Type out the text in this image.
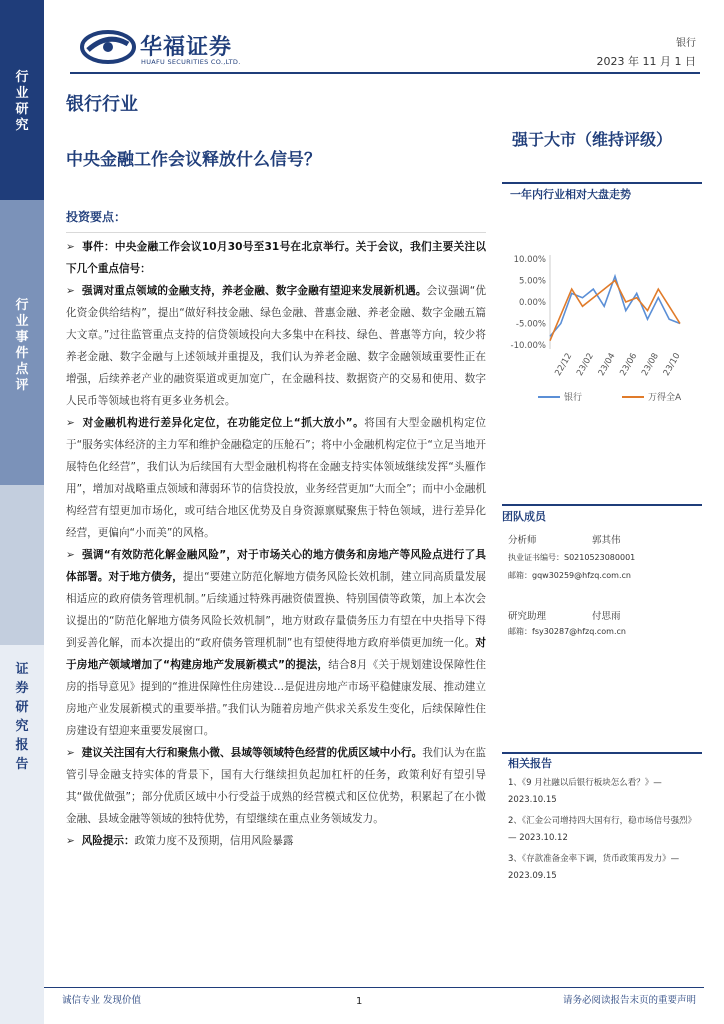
行
业
研
究
行
业
事
件
点
评
证
券
研
究
报
告
华福证券
HUAFU SECURITIES CO.,LTD.
银行
2023 年 11 月 1 日
银行行业
中央金融工作会议释放什么信号？
强于大市（维持评级）
一年内行业相对大盘走势
10.00%
5.00%
0.00%
-5.00%
-10.00%
22/12 23/02 23/04 23/06 23/08 23/10
银行	万得全A
投资要点：

➢  事件：中央金融工作会议10月30号至31号在北京举行。关于会议，我们主要关注以下几个重点信号：

➢  强调对重点领域的金融支持，养老金融、数字金融有望迎来发展新机遇。会议强调“优化资金供给结构”，提出“做好科技金融、绿色金融、普惠金融、养老金融、数字金融五篇大文章。”过往监管重点支持的信贷领域投向大多集中在科技、绿色、普惠等方向，较少将养老金融、数字金融与上述领域并重提及，我们认为养老金融、数字金融领域重要性正在增强，后续养老产业的融资渠道或更加宽广，在金融科技、数据资产的交易和使用、数字人民币等领域也将有更多业务机会。

➢  对金融机构进行差异化定位，在功能定位上“抓大放小”。将国有大型金融机构定位于“服务实体经济的主力军和维护金融稳定的压舱石”；将中小金融机构定位于“立足当地开展特色化经营”，我们认为后续国有大型金融机构将在金融支持实体领域继续发挥“头雁作用”，增加对战略重点领域和薄弱环节的信贷投放，业务经营更加“大而全”；而中小金融机构经营有望更加市场化，或可结合地区优势及自身资源禀赋聚焦于特色领域，进行差异化经营，更偏向“小而美”的风格。

➢  强调“有效防范化解金融风险”，对于市场关心的地方债务和房地产等风险点进行了具体部署。对于地方债务，提出“要建立防范化解地方债务风险长效机制，建立同高质量发展相适应的政府债务管理机制。”后续通过特殊再融资债置换、特别国债等政策，加上本次会议提出的“防范化解地方债务风险长效机制”，地方财政存量债务压力有望在中央指导下得到妥善化解，而本次提出的“政府债务管理机制”也有望使得地方政府举债更加统一化。对于房地产领域增加了“构建房地产发展新模式”的提法，结合8月《关于规划建设保障性住房的指导意见》提到的“推进保障性住房建设…是促进房地产市场平稳健康发展、推动建立房地产业发展新模式的重要举措。”我们认为随着房地产供求关系发生变化，后续保障性住房建设有望迎来重要发展窗口。

➢  建议关注国有大行和聚焦小微、县域等领域特色经营的优质区域中小行。我们认为在监管引导金融支持实体的背景下，国有大行继续担负起加杠杆的任务，政策利好有望引导其“做优做强”；部分优质区域中小行受益于成熟的经营模式和区位优势，积累起了在小微金融、县域金融等领域的独特优势，有望继续在重点业务领域发力。

➢  风险提示：政策力度不及预期，信用风险暴露

团队成员
分析师	郭其伟
执业证书编号：S0210523080001
邮箱：gqw30259@hfzq.com.cn
研究助理	付思雨
邮箱：fsy30287@hfzq.com.cn
相关报告
1、《9 月社融以后银行板块怎么看？》—
2023.10.15
2、《汇金公司增持四大国有行，稳市场信号强烈》
— 2023.10.12
3、《存款准备金率下调，货币政策再发力》—
2023.09.15
诚信专业 发现价值	1	请务必阅读报告末页的重要声明
